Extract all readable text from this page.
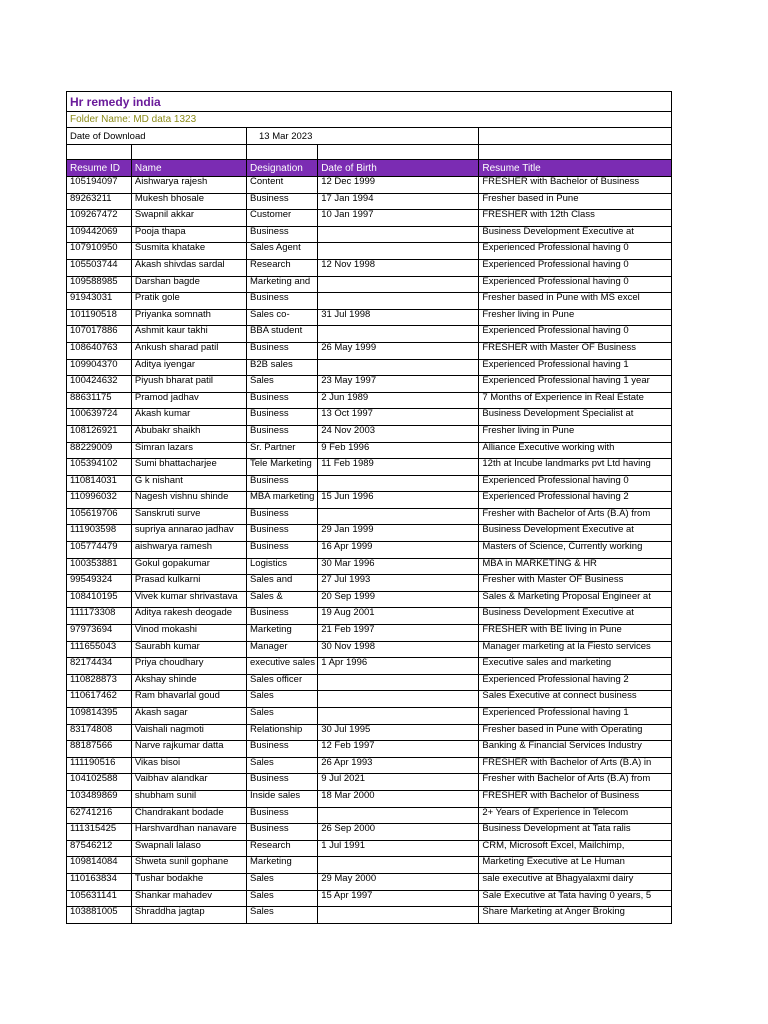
Hr remedy india
Folder Name: MD data 1323
Date of Download		13 Mar 2023		

Resume ID	Name	Designation	Date of Birth	Resume Title
105194097	Aishwarya rajesh	Content	12 Dec 1999	FRESHER with Bachelor of Business
89263211	Mukesh bhosale	Business	17 Jan 1994	Fresher based in Pune
109267472	Swapnil akkar	Customer	10 Jan 1997	FRESHER with 12th Class
109442069	Pooja thapa	Business		Business Development Executive at
107910950	Susmita khatake	Sales Agent		Experienced Professional having 0
105503744	Akash shivdas sardal	Research	12 Nov 1998	Experienced Professional having 0
109588985	Darshan bagde	Marketing and		Experienced Professional having 0
91943031	Pratik gole	Business		Fresher based in Pune with MS excel
101190518	Priyanka somnath	Sales co-	31 Jul 1998	Fresher living in Pune
107017886	Ashmit kaur takhi	BBA student		Experienced Professional having 0
108640763	Ankush sharad patil	Business	26 May 1999	FRESHER with Master OF Business
109904370	Aditya iyengar	B2B sales		Experienced Professional having 1
100424632	Piyush bharat patil	Sales	23 May 1997	Experienced Professional having 1 year
88631175	Pramod jadhav	Business	2 Jun 1989	7 Months of Experience in Real Estate
100639724	Akash kumar	Business	13 Oct 1997	Business Development Specialist at
108126921	Abubakr shaikh	Business	24 Nov 2003	Fresher living in Pune
88229009	Simran lazars	Sr. Partner	9 Feb 1996	Alliance Executive working with
105394102	Sumi bhattacharjee	Tele Marketing	11 Feb 1989	12th at Incube landmarks pvt Ltd having
110814031	G k nishant	Business		Experienced Professional having 0
110996032	Nagesh vishnu shinde	MBA marketing	15 Jun 1996	Experienced Professional having 2
105619706	Sanskruti surve	Business		Fresher with Bachelor of Arts (B.A) from
111903598	supriya annarao jadhav	Business	29 Jan 1999	Business Development Executive at
105774479	aishwarya ramesh	Business	16 Apr 1999	Masters of Science, Currently working
100353881	Gokul gopakumar	Logistics	30 Mar 1996	MBA in MARKETING & HR
99549324	Prasad kulkarni	Sales and	27 Jul 1993	Fresher with Master OF Business
108410195	Vivek kumar shrivastava	Sales &	20 Sep 1999	Sales & Marketing Proposal Engineer at
111173308	Aditya rakesh deogade	Business	19 Aug 2001	Business Development Executive at
97973694	Vinod mokashi	Marketing	21 Feb 1997	FRESHER with BE living in Pune
111655043	Saurabh kumar	Manager	30 Nov 1998	Manager marketing at la Fiesto services
82174434	Priya choudhary	executive sales	1 Apr 1996	Executive sales and marketing
110828873	Akshay shinde	Sales officer		Experienced Professional having 2
110617462	Ram bhavarlal goud	Sales		Sales Executive at connect business
109814395	Akash sagar	Sales		Experienced Professional having 1
83174808	Vaishali nagmoti	Relationship	30 Jul 1995	Fresher based in Pune with Operating
88187566	Narve rajkumar datta	Business	12 Feb 1997	Banking & Financial Services Industry
111190516	Vikas bisoi	Sales	26 Apr 1993	FRESHER with Bachelor of Arts (B.A) in
104102588	Vaibhav alandkar	Business	9 Jul 2021	Fresher with Bachelor of Arts (B.A) from
103489869	shubham sunil	Inside sales	18 Mar 2000	FRESHER with Bachelor of Business
62741216	Chandrakant bodade	Business		2+ Years of Experience in Telecom
111315425	Harshvardhan nanavare	Business	26 Sep 2000	Business Development at Tata ralis
87546212	Swapnali lalaso	Research	1 Jul 1991	CRM, Microsoft Excel, Mailchimp,
109814084	Shweta sunil gophane	Marketing		Marketing Executive at Le Human
110163834	Tushar bodakhe	Sales	29 May 2000	sale executive at Bhagyalaxmi dairy
105631141	Shankar mahadev	Sales	15 Apr 1997	Sale Executive at Tata having 0 years, 5
103881005	Shraddha jagtap	Sales		Share Marketing at Anger Broking
